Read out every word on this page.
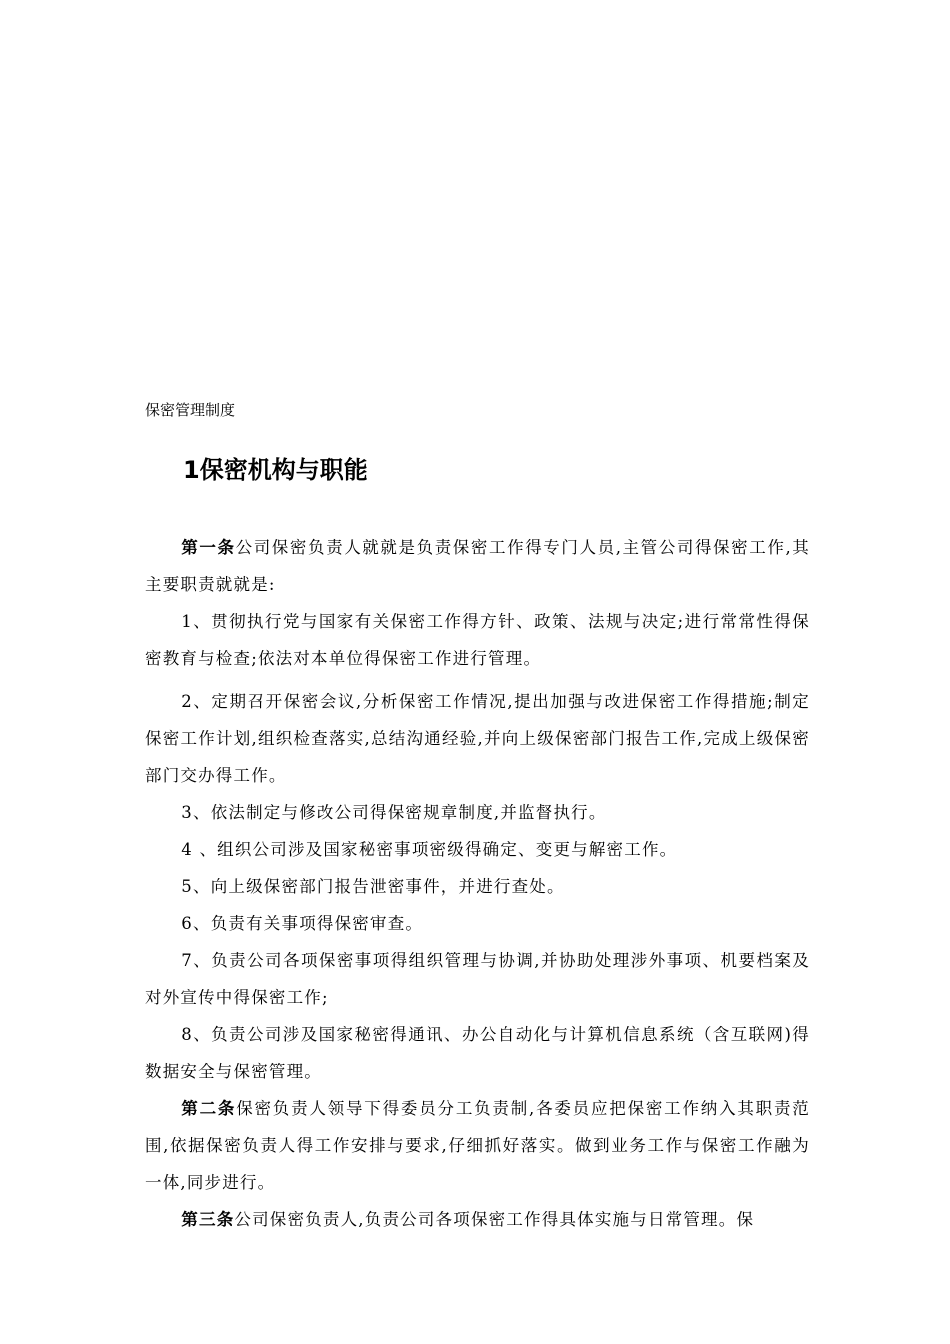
保密管理制度
1保密机构与职能

第一条公司保密负责人就就是负责保密工作得专门人员,主管公司得保密工作,其主要职责就就是:

1、贯彻执行党与国家有关保密工作得方针、政策、法规与决定;进行常常性得保密教育与检查;依法对本单位得保密工作进行管理。

2、定期召开保密会议,分析保密工作情况,提出加强与改进保密工作得措施;制定保密工作计划,组织检查落实,总结沟通经验,并向上级保密部门报告工作,完成上级保密部门交办得工作。

3、依法制定与修改公司得保密规章制度,并监督执行。

4 、组织公司涉及国家秘密事项密级得确定、变更与解密工作。

5、向上级保密部门报告泄密事件，并进行查处。

6、负责有关事项得保密审查。

7、负责公司各项保密事项得组织管理与协调,并协助处理涉外事项、机要档案及对外宣传中得保密工作;

8、负责公司涉及国家秘密得通讯、办公自动化与计算机信息系统（含互联网)得数据安全与保密管理。

第二条保密负责人领导下得委员分工负责制,各委员应把保密工作纳入其职责范围,依据保密负责人得工作安排与要求,仔细抓好落实。做到业务工作与保密工作融为一体,同步进行。

第三条公司保密负责人,负责公司各项保密工作得具体实施与日常管理。保
